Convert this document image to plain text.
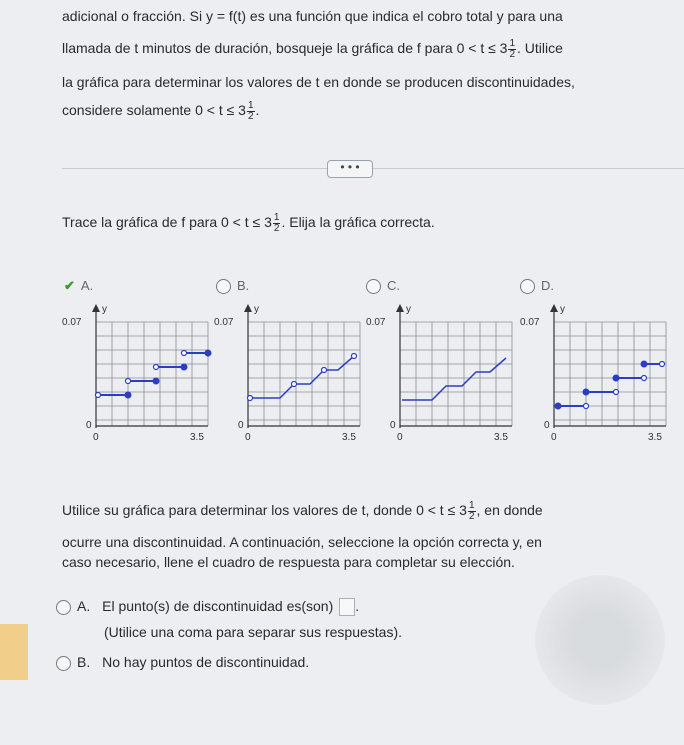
adicional o fracción. Si y = f(t) es una función que indica el cobro total y para una
llamada de t minutos de duración, bosqueje la gráfica de f para $0 < t \le 3 \frac{1}{2}$ . Utilice
la gráfica para determinar los valores de t en donde se producen discontinuidades,
considere solamente $0 < t \le 3 \frac{1}{2}$ .
• • •
Trace la gráfica de f para $0 < t \le 3 \frac{1}{2}$ . Elija la gráfica correcta.
✔ A.	B.	C.	D.
0.07
0
0	3.5
y
0.07
0
0	3.5
y
0.07
0
0	3.5
y
0.07
0
0	3.5
y
Utilice su gráfica para determinar los valores de t, donde $0 < t \le 3 \frac{1}{2}$ , en donde
ocurre una discontinuidad. A continuación, seleccione la opción correcta y, en
caso necesario, llene el cuadro de respuesta para completar su elección.
A. El punto(s) de discontinuidad es(son) .
(Utilice una coma para separar sus respuestas).
B. No hay puntos de discontinuidad.
